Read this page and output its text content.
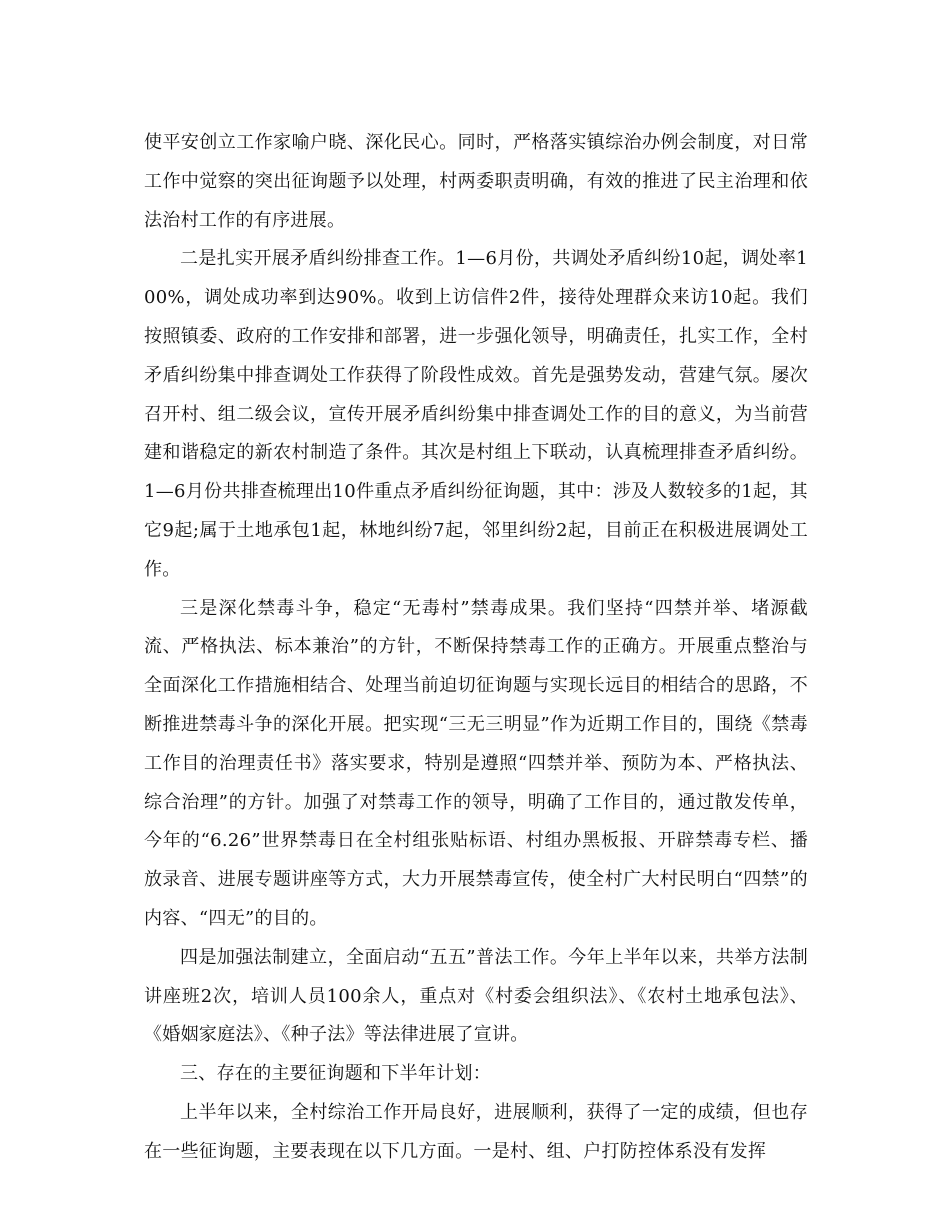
使平安创立工作家喻户晓、深化民心。同时，严格落实镇综治办例会制度，对日常工作中觉察的突出征询题予以处理，村两委职责明确，有效的推进了民主治理和依法治村工作的有序进展。

二是扎实开展矛盾纠纷排查工作。1—6月份，共调处矛盾纠纷10起，调处率100%，调处成功率到达90%。收到上访信件2件，接待处理群众来访10起。我们按照镇委、政府的工作安排和部署，进一步强化领导，明确责任，扎实工作，全村矛盾纠纷集中排查调处工作获得了阶段性成效。首先是强势发动，营建气氛。屡次召开村、组二级会议，宣传开展矛盾纠纷集中排查调处工作的目的意义，为当前营建和谐稳定的新农村制造了条件。其次是村组上下联动，认真梳理排查矛盾纠纷。1—6月份共排查梳理出10件重点矛盾纠纷征询题，其中：涉及人数较多的1起，其它9起;属于土地承包1起，林地纠纷7起，邻里纠纷2起，目前正在积极进展调处工作。

三是深化禁毒斗争，稳定“无毒村”禁毒成果。我们坚持“四禁并举、堵源截流、严格执法、标本兼治”的方针，不断保持禁毒工作的正确方。开展重点整治与全面深化工作措施相结合、处理当前迫切征询题与实现长远目的相结合的思路，不断推进禁毒斗争的深化开展。把实现“三无三明显”作为近期工作目的，围绕《禁毒工作目的治理责任书》落实要求，特别是遵照“四禁并举、预防为本、严格执法、综合治理”的方针。加强了对禁毒工作的领导，明确了工作目的，通过散发传单，今年的“6.26”世界禁毒日在全村组张贴标语、村组办黑板报、开辟禁毒专栏、播放录音、进展专题讲座等方式，大力开展禁毒宣传，使全村广大村民明白“四禁”的内容、“四无”的目的。

四是加强法制建立，全面启动“五五”普法工作。今年上半年以来，共举方法制讲座班2次，培训人员100余人，重点对《村委会组织法》、《农村土地承包法》、《婚姻家庭法》、《种子法》等法律进展了宣讲。

三、存在的主要征询题和下半年计划：

上半年以来，全村综治工作开局良好，进展顺利，获得了一定的成绩，但也存在一些征询题，主要表现在以下几方面。一是村、组、户打防控体系没有发挥
